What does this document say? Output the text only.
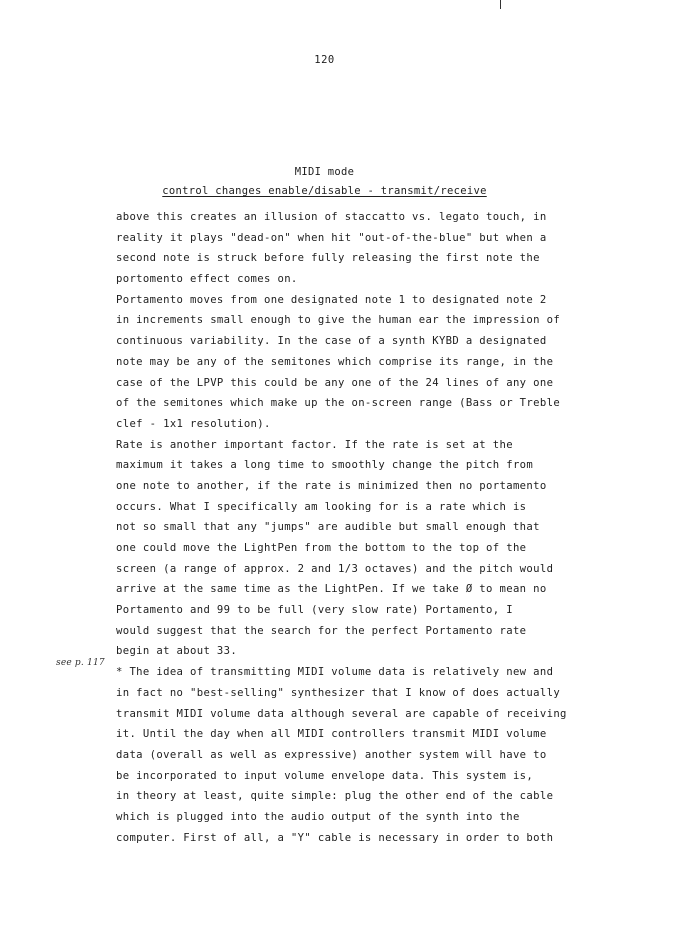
120
MIDI mode
control changes enable/disable - transmit/receive
see p. 117
above this creates an illusion of staccatto vs. legato touch, in
reality it plays "dead-on" when hit "out-of-the-blue" but when a
second note is struck before fully releasing the first note the
portomento effect comes on.
Portamento moves from one designated note 1 to designated note 2
in increments small enough to give the human ear the impression of
continuous variability. In the case of a synth KYBD a designated
note may be any of the semitones which comprise its range, in the
case of the LPVP this could be any one of the 24 lines of any one
of the semitones which make up the on-screen range (Bass or Treble
clef - 1x1 resolution).
Rate is another important factor. If the rate is set at the
maximum it takes a long time to smoothly change the pitch from
one note to another, if the rate is minimized then no portamento
occurs. What I specifically am looking for is a rate which is
not so small that any "jumps" are audible but small enough that
one could move the LightPen from the bottom to the top of the
screen (a range of approx. 2 and 1/3 octaves) and the pitch would
arrive at the same time as the LightPen. If we take Ø to mean no
Portamento and 99 to be full (very slow rate) Portamento, I
would suggest that the search for the perfect Portamento rate
begin at about 33.
* The idea of transmitting MIDI volume data is relatively new and
in fact no "best-selling" synthesizer that I know of does actually
transmit MIDI volume data although several are capable of receiving
it. Until the day when all MIDI controllers transmit MIDI volume
data (overall as well as expressive) another system will have to
be incorporated to input volume envelope data. This system is,
in theory at least, quite simple: plug the other end of the cable
which is plugged into the audio output of the synth into the
computer. First of all, a "Y" cable is necessary in order to both
